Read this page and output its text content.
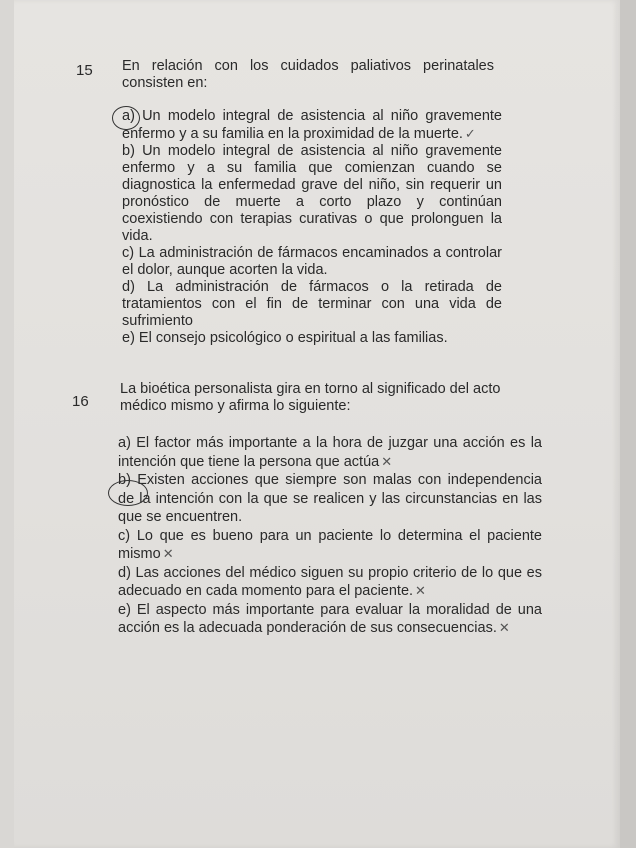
15 En relación con los cuidados paliativos perinatales consisten en:

a) Un modelo integral de asistencia al niño gravemente enfermo y a su familia en la proximidad de la muerte. ✓

b) Un modelo integral de asistencia al niño gravemente enfermo y a su familia que comienzan cuando se diagnostica la enfermedad grave del niño, sin requerir un pronóstico de muerte a corto plazo y continúan coexistiendo con terapias curativas o que prolonguen la vida.

c) La administración de fármacos encaminados a controlar el dolor, aunque acorten la vida.

d) La administración de fármacos o la retirada de tratamientos con el fin de terminar con una vida de sufrimiento

e) El consejo psicológico o espiritual a las familias.

16
La bioética personalista gira en torno al significado del acto médico mismo y afirma lo siguiente:

a) El factor más importante a la hora de juzgar una acción es la intención que tiene la persona que actúa ✕

b) Existen acciones que siempre son malas con independencia de la intención con la que se realicen y las circunstancias en las que se encuentren.

c) Lo que es bueno para un paciente lo determina el paciente mismo ✕

d) Las acciones del médico siguen su propio criterio de lo que es adecuado en cada momento para el paciente. ✕

e) El aspecto más importante para evaluar la moralidad de una acción es la adecuada ponderación de sus consecuencias. ✕
